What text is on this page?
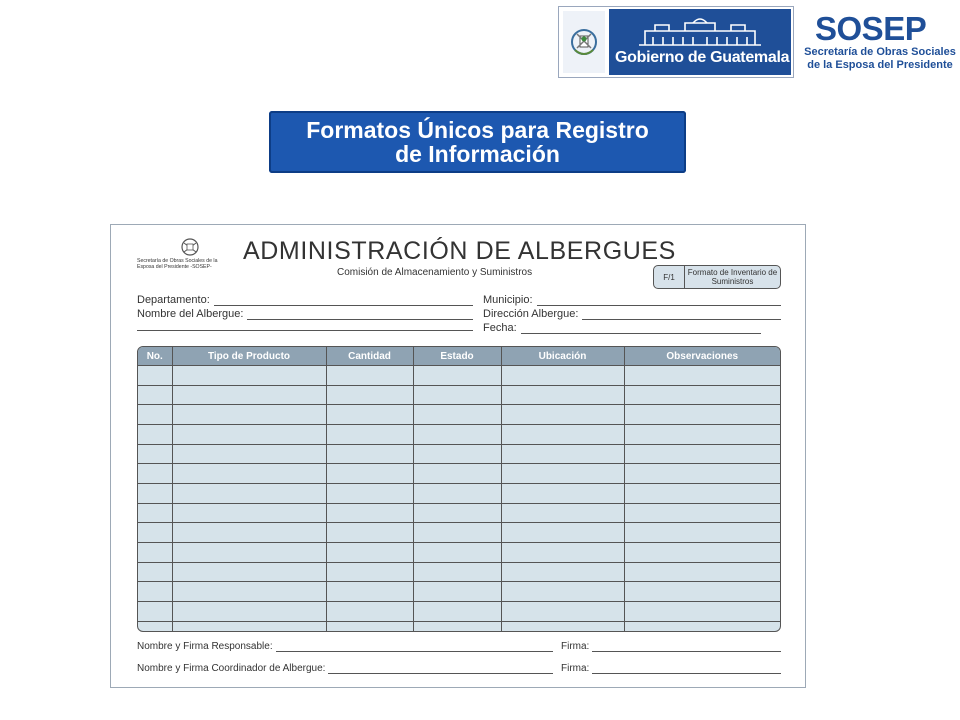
Gobierno de Guatemala
SOSEP
Secretaría de Obras Sociales
de la Esposa del Presidente
Formatos Únicos para Registro
de Información
Secretaría de Obras Sociales de la Esposa del Presidente -SOSEP-
ADMINISTRACIÓN DE ALBERGUES
Comisión de Almacenamiento y Suministros	F/1	Formato de Inventario de Suministros
Departamento:	Municipio:
Nombre del Albergue:	Dirección Albergue:
Fecha:
No.	Tipo de Producto	Cantidad	Estado	Ubicación	Observaciones

Nombre y Firma Responsable:	Firma:
Nombre y Firma Coordinador de Albergue:	Firma:
